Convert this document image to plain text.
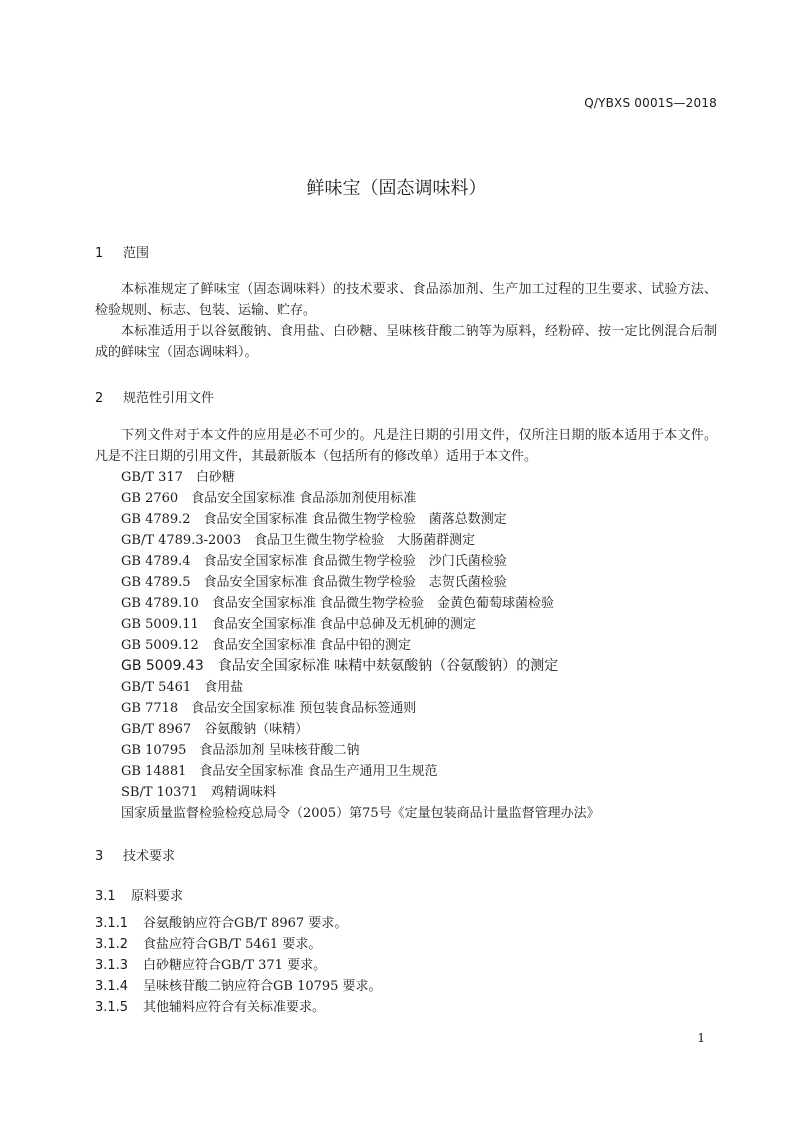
Q/YBXS 0001S—2018
鲜味宝（固态调味料）
1 范围
本标准规定了鲜味宝（固态调味料）的技术要求、食品添加剂、生产加工过程的卫生要求、试验方法、检验规则、标志、包装、运输、贮存。
本标准适用于以谷氨酸钠、食用盐、白砂糖、呈味核苷酸二钠等为原料，经粉碎、按一定比例混合后制成的鲜味宝（固态调味料）。
2 规范性引用文件
下列文件对于本文件的应用是必不可少的。凡是注日期的引用文件，仅所注日期的版本适用于本文件。凡是不注日期的引用文件，其最新版本（包括所有的修改单）适用于本文件。
GB/T 317　白砂糖
GB 2760　食品安全国家标准 食品添加剂使用标准
GB 4789.2　食品安全国家标准 食品微生物学检验　菌落总数测定
GB/T 4789.3-2003　食品卫生微生物学检验　大肠菌群测定
GB 4789.4　食品安全国家标准 食品微生物学检验　沙门氏菌检验
GB 4789.5　食品安全国家标准 食品微生物学检验　志贺氏菌检验
GB 4789.10　食品安全国家标准 食品微生物学检验　金黄色葡萄球菌检验
GB 5009.11　食品安全国家标准 食品中总砷及无机砷的测定
GB 5009.12　食品安全国家标准 食品中铅的测定
GB 5009.43　食品安全国家标准 味精中麸氨酸钠（谷氨酸钠）的测定
GB/T 5461　食用盐
GB 7718　食品安全国家标准 预包装食品标签通则
GB/T 8967　谷氨酸钠（味精）
GB 10795　食品添加剂 呈味核苷酸二钠
GB 14881　食品安全国家标准 食品生产通用卫生规范
SB/T 10371　鸡精调味料
国家质量监督检验检疫总局令（2005）第75号《定量包装商品计量监督管理办法》
3 技术要求
3.1 原料要求
3.1.1 谷氨酸钠应符合GB/T 8967 要求。
3.1.2 食盐应符合GB/T 5461 要求。
3.1.3 白砂糖应符合GB/T 371 要求。
3.1.4 呈味核苷酸二钠应符合GB 10795 要求。
3.1.5 其他辅料应符合有关标准要求。
1
